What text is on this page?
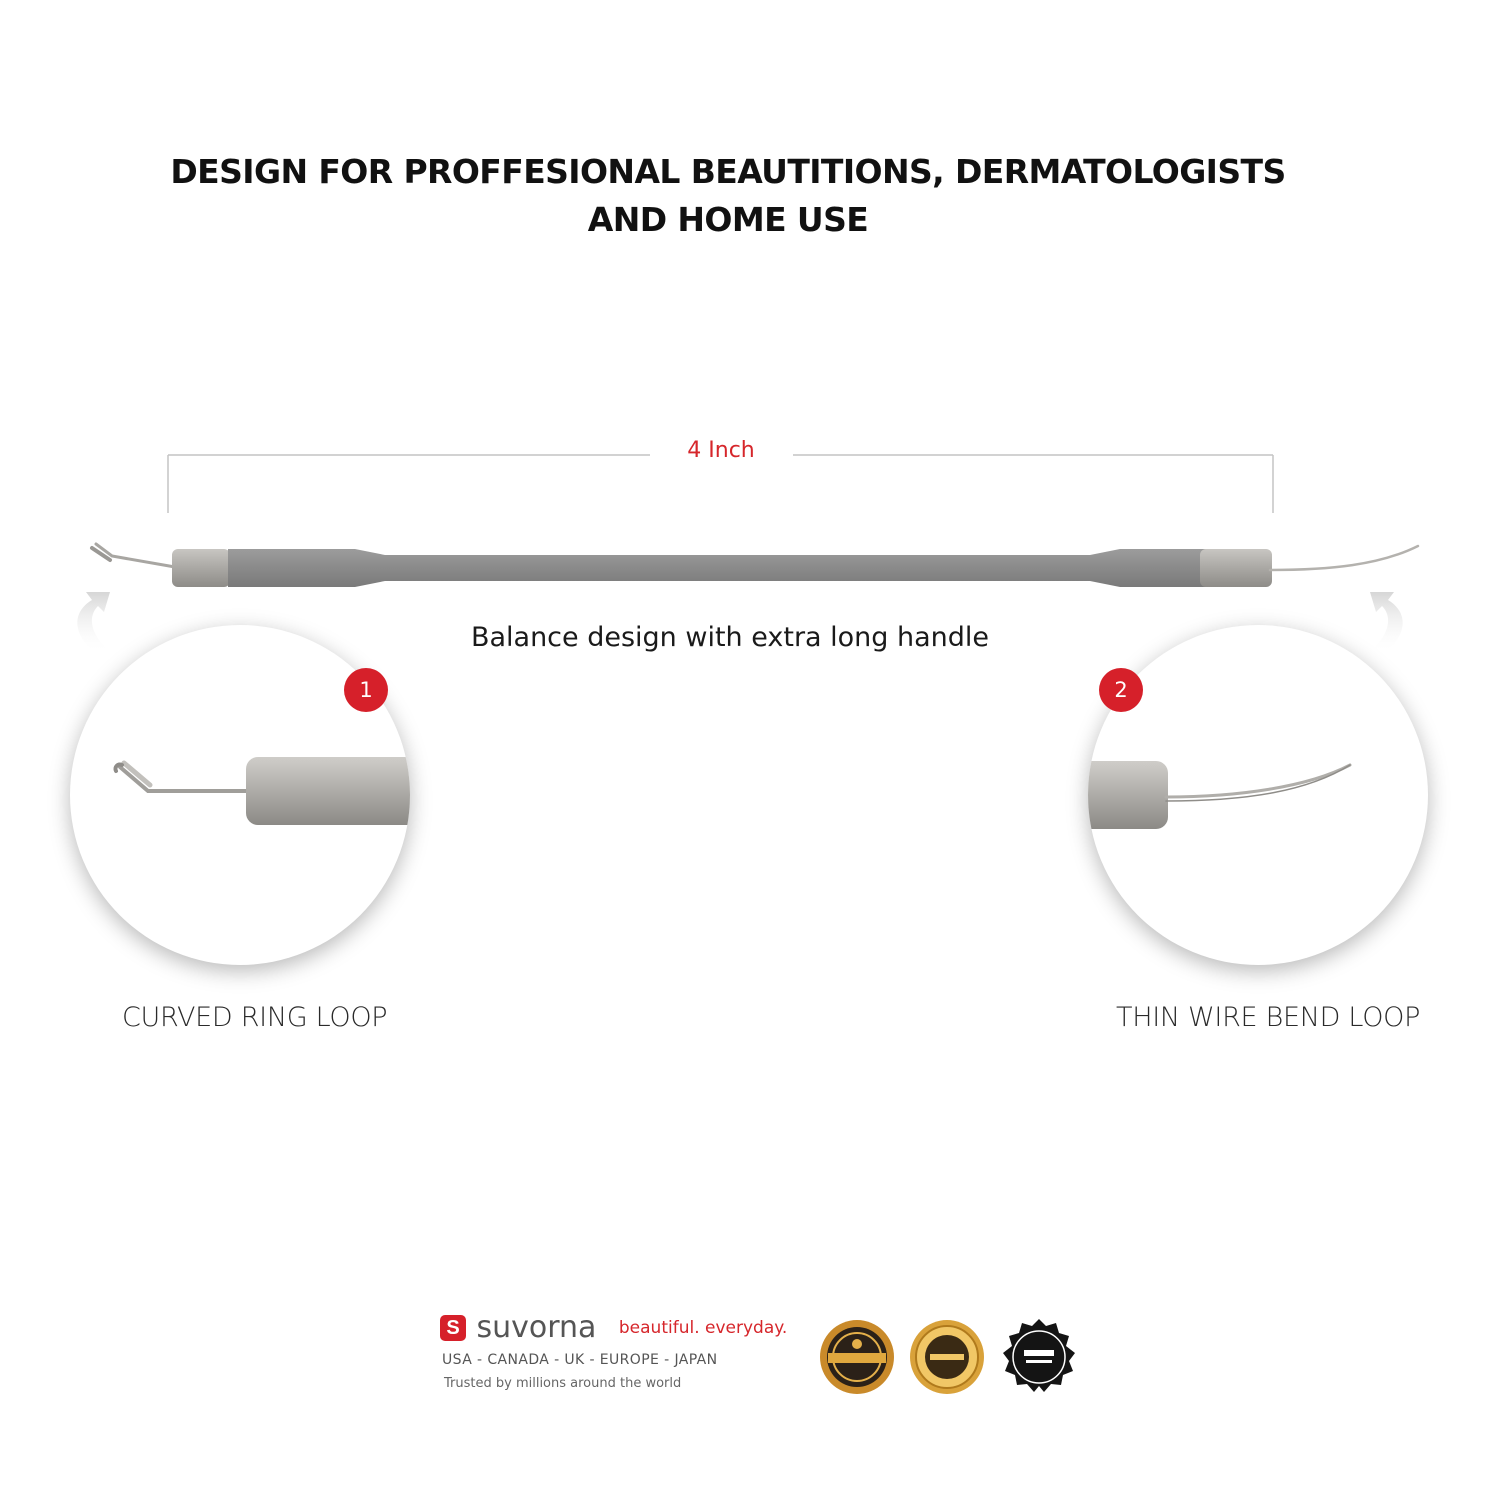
DESIGN FOR PROFFESIONAL BEAUTITIONS, DERMATOLOGISTS
AND HOME USE
4 Inch
Balance design with extra long handle
1	2
CURVED RING LOOP	THIN WIRE BEND LOOP
S suvorna beautiful. everyday.
USA - CANADA - UK - EUROPE - JAPAN
Trusted by millions around the world
